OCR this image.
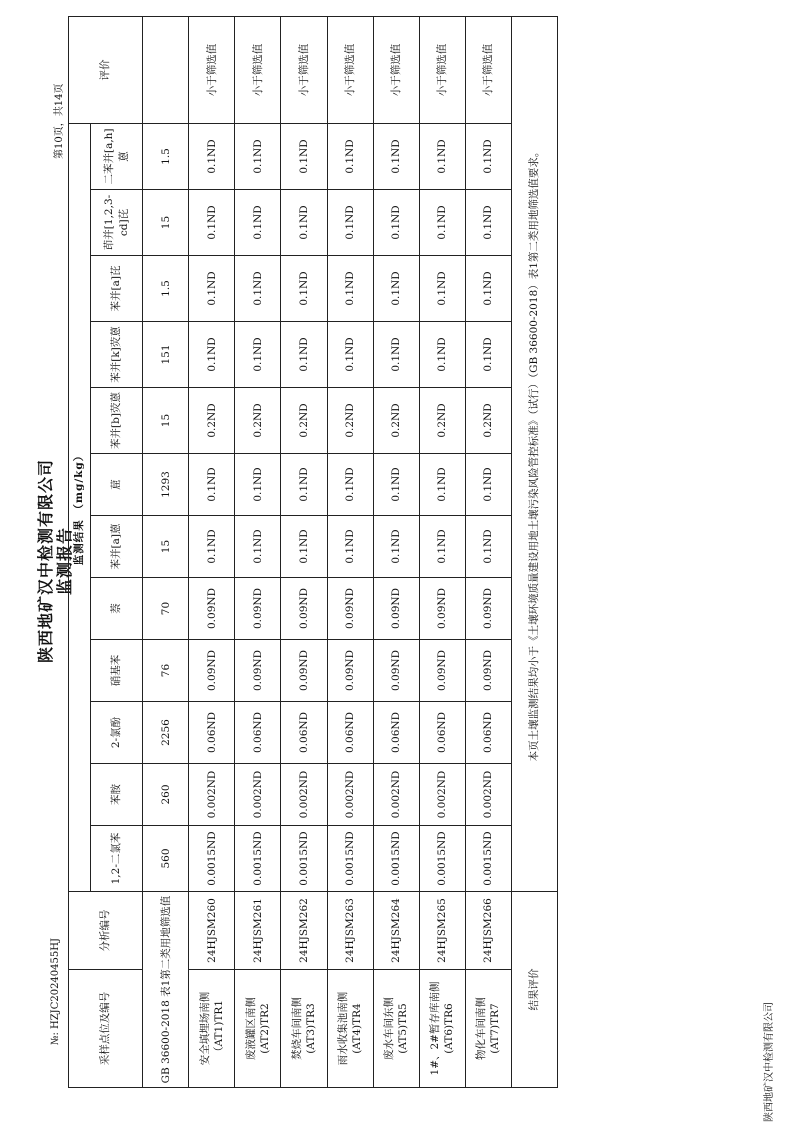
陕西地矿汉中检测有限公司 监测报告
№: HZJC20240455HJ
第10页，共14页
陕西地矿汉中检测有限公司
采样点位及编号	分析编号	监测结果 （mg/kg）												评价
		1,2-二氯苯	苯胺	2-氯酚	硝基苯	萘	苯并[a]蒽	䓛	苯并[b]荧蒽	苯并[k]荧蒽	苯并[a]芘	茚并[1,2,3-cd]芘	二苯并[a,h]蒽	
GB 36600-2018 表1第二类用地筛选值		560	260	2256	76	70	15	1293	15	151	1.5	15	1.5	
安全填埋场南侧（AT1)TR1	24HJSM260	0.0015ND	0.002ND	0.06ND	0.09ND	0.09ND	0.1ND	0.1ND	0.2ND	0.1ND	0.1ND	0.1ND	0.1ND	小于筛选值
废液罐区南侧(AT2)TR2	24HJSM261	0.0015ND	0.002ND	0.06ND	0.09ND	0.09ND	0.1ND	0.1ND	0.2ND	0.1ND	0.1ND	0.1ND	0.1ND	小于筛选值
焚烧车间南侧(AT3)TR3	24HJSM262	0.0015ND	0.002ND	0.06ND	0.09ND	0.09ND	0.1ND	0.1ND	0.2ND	0.1ND	0.1ND	0.1ND	0.1ND	小于筛选值
雨水收集池南侧(AT4)TR4	24HJSM263	0.0015ND	0.002ND	0.06ND	0.09ND	0.09ND	0.1ND	0.1ND	0.2ND	0.1ND	0.1ND	0.1ND	0.1ND	小于筛选值
废水车间东侧(AT5)TR5	24HJSM264	0.0015ND	0.002ND	0.06ND	0.09ND	0.09ND	0.1ND	0.1ND	0.2ND	0.1ND	0.1ND	0.1ND	0.1ND	小于筛选值
1#、2#暂存库南侧(AT6)TR6	24HJSM265	0.0015ND	0.002ND	0.06ND	0.09ND	0.09ND	0.1ND	0.1ND	0.2ND	0.1ND	0.1ND	0.1ND	0.1ND	小于筛选值
物化车间南侧(AT7)TR7	24HJSM266	0.0015ND	0.002ND	0.06ND	0.09ND	0.09ND	0.1ND	0.1ND	0.2ND	0.1ND	0.1ND	0.1ND	0.1ND	小于筛选值
结果评价		本页土壤监测结果均小于《土壤环境质量建设用地土壤污染风险管控标准》（试行）（GB 36600-2018）表1第二类用地筛选值要求。												
